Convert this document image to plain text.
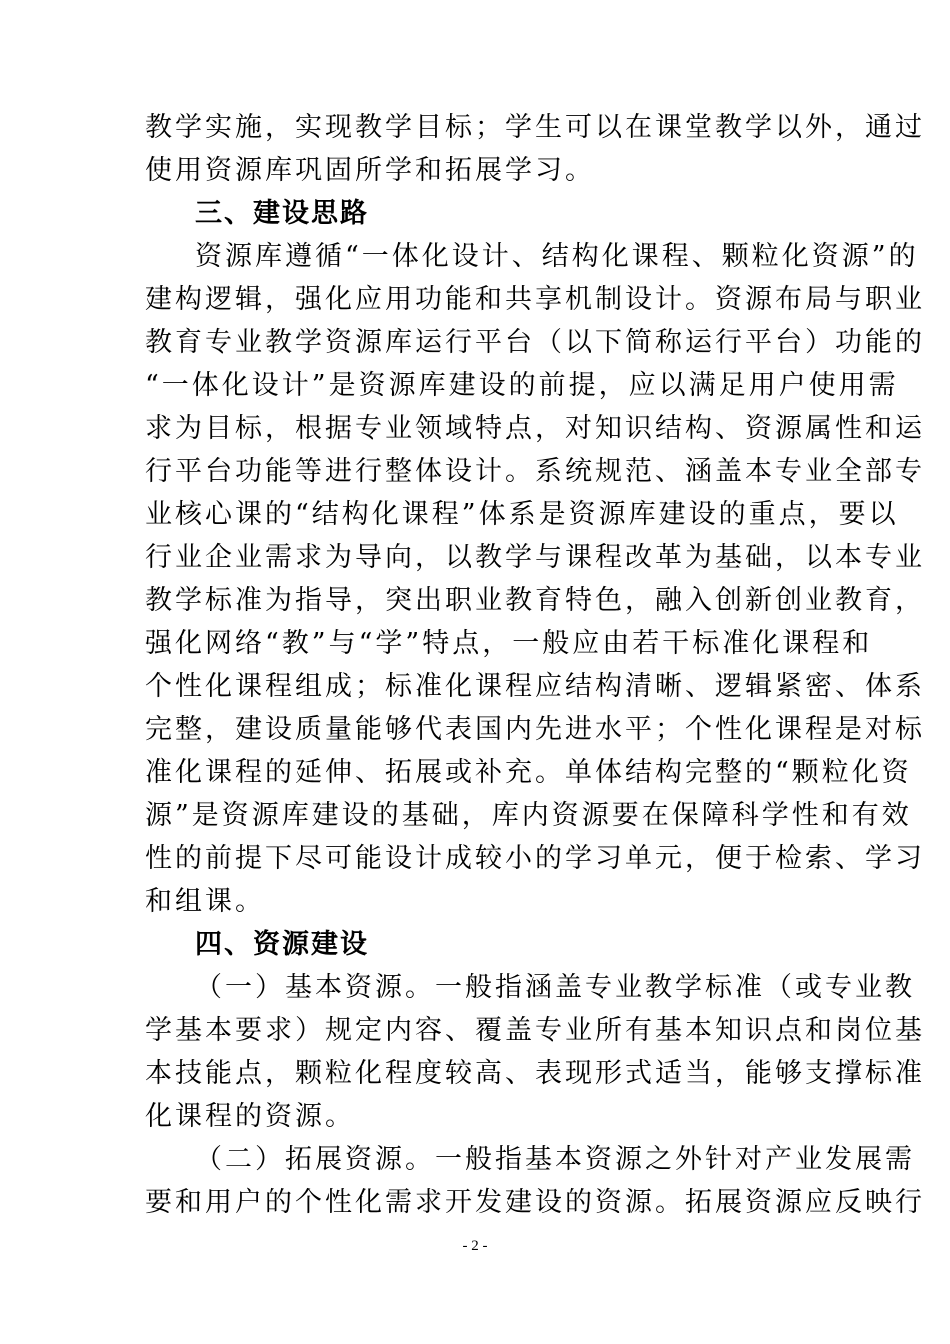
教学实施，实现教学目标；学生可以在课堂教学以外，通过
使用资源库巩固所学和拓展学习。
三、建设思路
资源库遵循“一体化设计、结构化课程、颗粒化资源”的
建构逻辑，强化应用功能和共享机制设计。资源布局与职业
教育专业教学资源库运行平台（以下简称运行平台）功能的
“一体化设计”是资源库建设的前提，应以满足用户使用需
求为目标，根据专业领域特点，对知识结构、资源属性和运
行平台功能等进行整体设计。系统规范、涵盖本专业全部专
业核心课的“结构化课程”体系是资源库建设的重点，要以
行业企业需求为导向，以教学与课程改革为基础，以本专业
教学标准为指导，突出职业教育特色，融入创新创业教育，
强化网络“教”与“学”特点，一般应由若干标准化课程和
个性化课程组成；标准化课程应结构清晰、逻辑紧密、体系
完整，建设质量能够代表国内先进水平；个性化课程是对标
准化课程的延伸、拓展或补充。单体结构完整的“颗粒化资
源”是资源库建设的基础，库内资源要在保障科学性和有效
性的前提下尽可能设计成较小的学习单元，便于检索、学习
和组课。
四、资源建设
（一）基本资源。一般指涵盖专业教学标准（或专业教
学基本要求）规定内容、覆盖专业所有基本知识点和岗位基
本技能点，颗粒化程度较高、表现形式适当，能够支撑标准
化课程的资源。
（二）拓展资源。一般指基本资源之外针对产业发展需
要和用户的个性化需求开发建设的资源。拓展资源应反映行
- 2 -
